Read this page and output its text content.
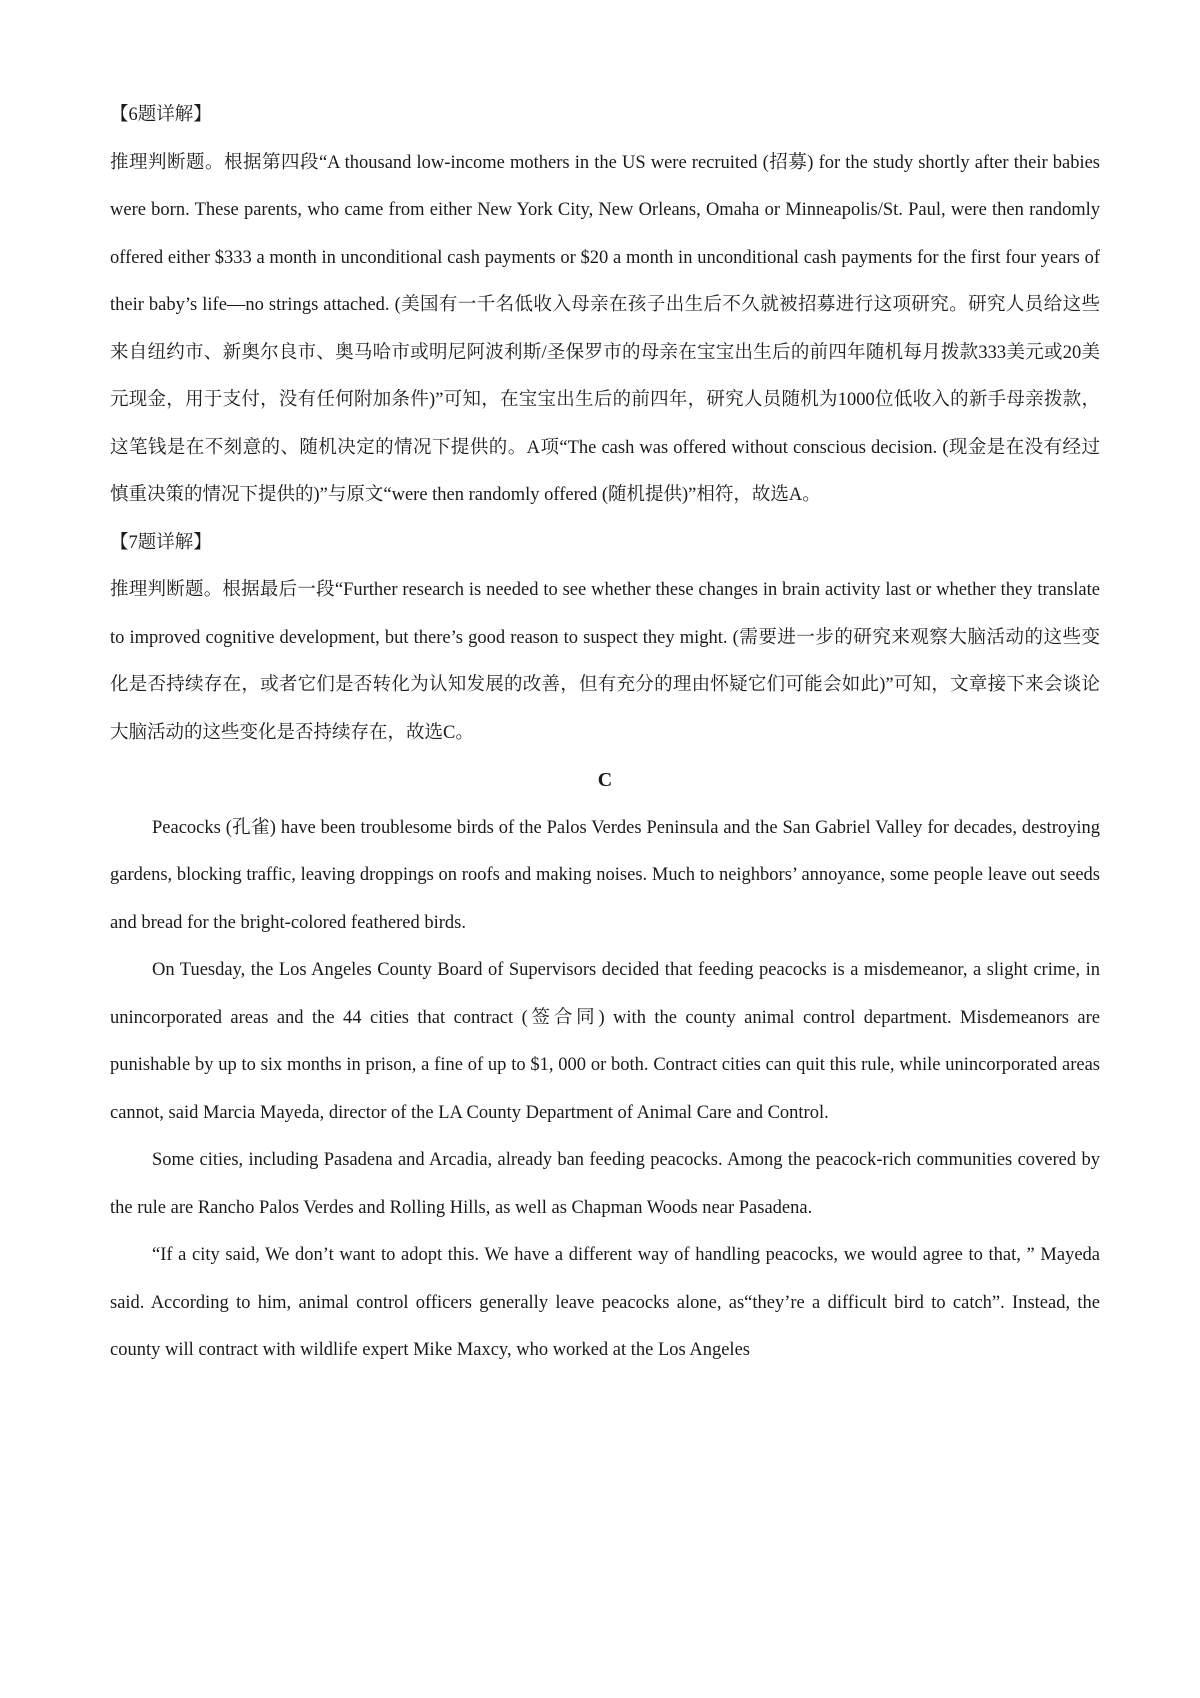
【6题详解】

推理判断题。根据第四段“A thousand low-income mothers in the US were recruited (招募) for the study shortly after their babies were born. These parents, who came from either New York City, New Orleans, Omaha or Minneapolis/St. Paul, were then randomly offered either $333 a month in unconditional cash payments or $20 a month in unconditional cash payments for the first four years of their baby’s life—no strings attached. (美国有一千名低收入母亲在孩子出生后不久就被招募进行这项研究。研究人员给这些来自纽约市、新奥尔良市、奥马哈市或明尼阿波利斯/圣保罗市的母亲在宝宝出生后的前四年随机每月拨款333美元或20美元现金，用于支付，没有任何附加条件)”可知，在宝宝出生后的前四年，研究人员随机为1000位低收入的新手母亲拨款，这笔钱是在不刻意的、随机决定的情况下提供的。A项“The cash was offered without conscious decision. (现金是在没有经过慎重决策的情况下提供的)”与原文“were then randomly offered (随机提供)”相符，故选A。

【7题详解】

推理判断题。根据最后一段“Further research is needed to see whether these changes in brain activity last or whether they translate to improved cognitive development, but there’s good reason to suspect they might. (需要进一步的研究来观察大脑活动的这些变化是否持续存在，或者它们是否转化为认知发展的改善，但有充分的理由怀疑它们可能会如此)”可知，文章接下来会谈论大脑活动的这些变化是否持续存在，故选C。

C

Peacocks (孔雀) have been troublesome birds of the Palos Verdes Peninsula and the San Gabriel Valley for decades, destroying gardens, blocking traffic, leaving droppings on roofs and making noises. Much to neighbors’ annoyance, some people leave out seeds and bread for the bright-colored feathered birds.

On Tuesday, the Los Angeles County Board of Supervisors decided that feeding peacocks is a misdemeanor, a slight crime, in unincorporated areas and the 44 cities that contract (签合同) with the county animal control department. Misdemeanors are punishable by up to six months in prison, a fine of up to $1, 000 or both. Contract cities can quit this rule, while unincorporated areas cannot, said Marcia Mayeda, director of the LA County Department of Animal Care and Control.

Some cities, including Pasadena and Arcadia, already ban feeding peacocks. Among the peacock-rich communities covered by the rule are Rancho Palos Verdes and Rolling Hills, as well as Chapman Woods near Pasadena.

“If a city said, We don’t want to adopt this. We have a different way of handling peacocks, we would agree to that, ” Mayeda said. According to him, animal control officers generally leave peacocks alone, as“they’re a difficult bird to catch”. Instead, the county will contract with wildlife expert Mike Maxcy, who worked at the Los Angeles
